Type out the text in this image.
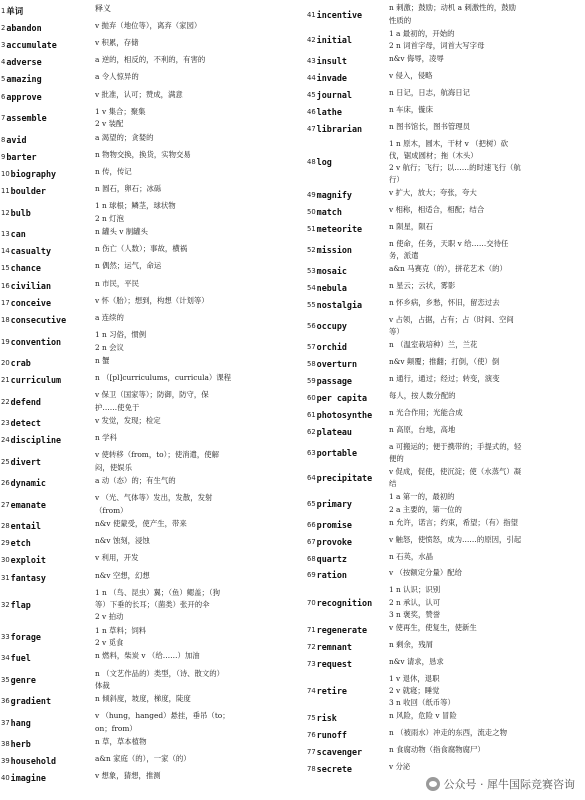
1 单词	释义
2 abandon	v 抛弃（地位等），离弃（家园）
3 accumulate	v 积累，存储
4 adverse	a 逆的，相反的，不利的，有害的
5 amazing	a 令人惊异的
6 approve	v 批准，认可；赞成，满意
7 assemble
1 v 集合；聚集
2 v 装配
8 avid	a 渴望的；贪婪的
9 barter	n 物物交换，换货，实物交易
10 biography	n 传，传记
11 boulder	n 圆石，卵石；冰砾
12 bulb
1 n 球根；鳞茎，球状物
2 n 灯泡
13 can	n 罐头 v 制罐头
14 casualty	n 伤亡（人数）；事故，横祸
15 chance	n 偶然；运气，命运
16 civilian	n 市民，平民
17 conceive	v 怀（胎）；想到，构想（计划等）
18 consecutive	a 连续的
19 convention
1 n 习俗，惯例
2 n 会议
20 crab	n 蟹
21 curriculum	n （[pl]curriculums，curricula）课程
22 defend
v 保卫（国家等）；防御，防守，保
护……使免于
23 detect	v 发觉，发现；检定
24 discipline	n 学科
25 divert
v 使转移（from，to）；使消遣，使解
闷，使娱乐
26 dynamic	a 动（态）的；有生气的
27 emanate
v （光、气体等）发出，发散，发射
（from）
28 entail	n&v 使蒙受，使产生，带来
29 etch	n&v 蚀刻，浸蚀
30 exploit	v 利用，开发
31 fantasy	n&v 空想，幻想
32 flap
1 n （鸟、昆虫）翼；（鱼）鳃盖；（狗
等）下垂的长耳；（菌类）张开的伞
2 v 拍动
33 forage
1 n 草料；饲料
2 v 觅食
34 fuel	n 燃料，柴炭 v （给……）加油
35 genre
n （文艺作品的）类型，（诗、散文的）
体裁
36 gradient	n 倾斜度，坡度，梯度，陡度
37 hang
v （hung，hanged）悬挂，垂吊（to；
on；from）
38 herb	n 草，草本植物
39 household	a&n 家庭（的），一家（的）
40 imagine	v 想象，猜想，推测
41 incentive
n 刺激；鼓励；动机 a 刺激性的，鼓励
性质的
42 initial
1 a 最初的，开始的
2 n 词首字母，词首大写字母
43 insult	n&v 侮辱，凌辱
44 invade	v 侵入，侵略
45 journal	n 日记，日志，航海日记
46 lathe	n 车床，镟床
47 librarian	n 图书馆长，图书管理员
48 log
1 n 原木，圆木，干材 v （把树）砍
伐，锯成圆材；拖（木头）
2 v 航行；飞行；以……的时速飞行（航
行）
49 magnify	v 扩大，放大；夸张，夸大
50 match	v 相称，相适合，相配；结合
51 meteorite	n 陨星，陨石
52 mission
n 使命，任务，天职 v 给……交待任
务，派遣
53 mosaic	a&n 马赛克（的），拼花艺术（的）
54 nebula	n 星云；云状，雾影
55 nostalgia	n 怀乡病，乡愁，怀旧，留恋过去
56 occupy
v 占领，占据，占有；占（时间、空间
等）
57 orchid	n （温室栽培种）兰，兰花
58 overturn	n&v 颠覆；推翻；打倒，（使）倒
59 passage	n 通行，通过；经过；转变，演变
60 per capita	每人，按人数分配的
61 photosynthe n 光合作用；光能合成
62 plateau	n 高原，台地，高地
63 portable
a 可搬运的；便于携带的；手提式的，轻
便的
64 precipitate
v 促成，促使，使沉淀；使（水蒸气）凝
结
65 primary
1 a 第一的，最初的
2 a 主要的，第一位的
66 promise	n 允许，诺言；约束，希望；（有）指望
67 provoke	v 触怒，使愤怒，成为……的原因，引起
68 quartz	n 石英，水晶
69 ration	v （按额定分量）配给
70 recognition
1 n 认识；识别
2 n 承认，认可
3 n 褒奖，赞誉
71 regenerate	v 使再生，使复生，使新生
72 remnant	n 剩余，残屑
73 request	n&v 请求，恳求
74 retire
1 v 退休，退职
2 v 就寝；睡觉
3 n 收回（纸币等）
75 risk	n 风险，危险 v 冒险
76 runoff	n （被雨水）冲走的东西，流走之物
77 scavenger	n 食腐动物（指食腐物腐尸）
78 secrete	v 分泌
公众号 · 犀牛国际竞赛咨询
